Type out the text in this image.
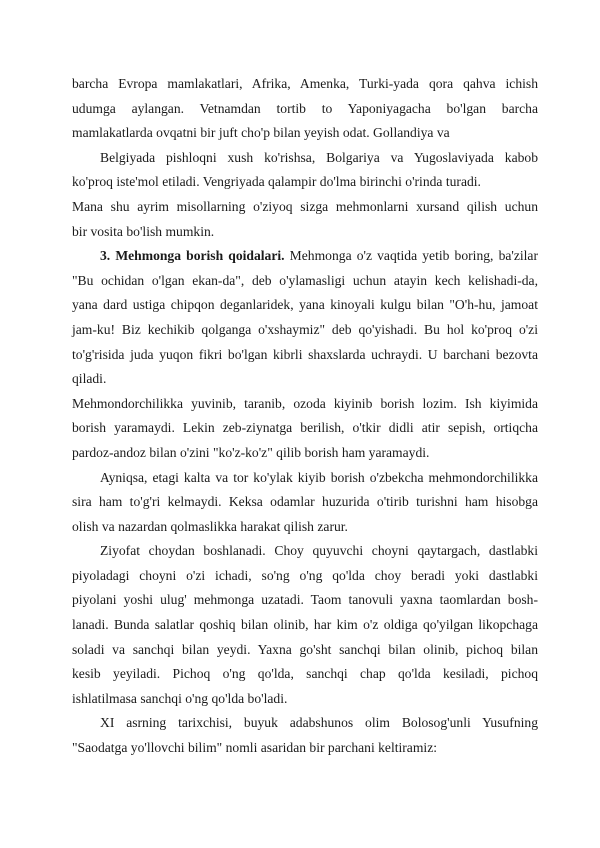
barcha Evropa mamlakatlari, Afrika, Amenka, Turki-yada qora qahva ichish
udumga aylangan. Vetnamdan tortib to Yaponiyagacha bo'lgan barcha
mamlakatlarda ovqatni bir juft cho'p bilan yeyish odat. Gollandiya va

Belgiyada pishloqni xush ko'rishsa, Bolgariya va Yugoslaviyada kabob
ko'proq iste'mol etiladi. Vengriyada qalampir do'lma birinchi o'rinda turadi.

Mana shu ayrim misollarning o'ziyoq sizga mehmonlarni xursand qilish uchun
bir vosita bo'lish mumkin.

3. Mehmonga borish qoidalari. Mehmonga o'z vaqtida yetib boring, ba'zilar
"Bu ochidan o'lgan ekan-da", deb o'ylamasligi uchun atayin kech kelishadi-da,
yana dard ustiga chipqon deganlaridek, yana kinoyali kulgu bilan "O'h-hu, jamoat
jam-ku! Biz kechikib qolganga o'xshaymiz" deb qo'yishadi. Bu hol ko'proq o'zi
to'g'risida juda yuqon fikri bo'lgan kibrli shaxslarda uchraydi. U barchani bezovta
qiladi.

Mehmondorchilikka yuvinib, taranib, ozoda kiyinib borish lozim. Ish kiyimida
borish yaramaydi. Lekin zeb-ziynatga berilish, o'tkir didli atir sepish, ortiqcha
pardoz-andoz bilan o'zini "ko'z-ko'z" qilib borish ham yaramaydi.

Ayniqsa, etagi kalta va tor ko'ylak kiyib borish o'zbekcha mehmondorchilikka
sira ham to'g'ri kelmaydi. Keksa odamlar huzurida o'tirib turishni ham hisobga
olish va nazardan qolmaslikka harakat qilish zarur.

Ziyofat choydan boshlanadi. Choy quyuvchi choyni qaytargach, dastlabki
piyoladagi choyni o'zi ichadi, so'ng o'ng qo'lda choy beradi yoki dastlabki
piyolani yoshi ulug' mehmonga uzatadi. Taom tanovuli yaxna taomlardan bosh-
lanadi. Bunda salatlar qoshiq bilan olinib, har kim o'z oldiga qo'yilgan likopchaga
soladi va sanchqi bilan yeydi. Yaxna go'sht sanchqi bilan olinib, pichoq bilan
kesib yeyiladi. Pichoq o'ng qo'lda, sanchqi chap qo'lda kesiladi, pichoq
ishlatilmasa sanchqi o'ng qo'lda bo'ladi.

XI asrning tarixchisi, buyuk adabshunos olim Bolosog'unli Yusufning
"Saodatga yo'llovchi bilim" nomli asaridan bir parchani keltiramiz:
